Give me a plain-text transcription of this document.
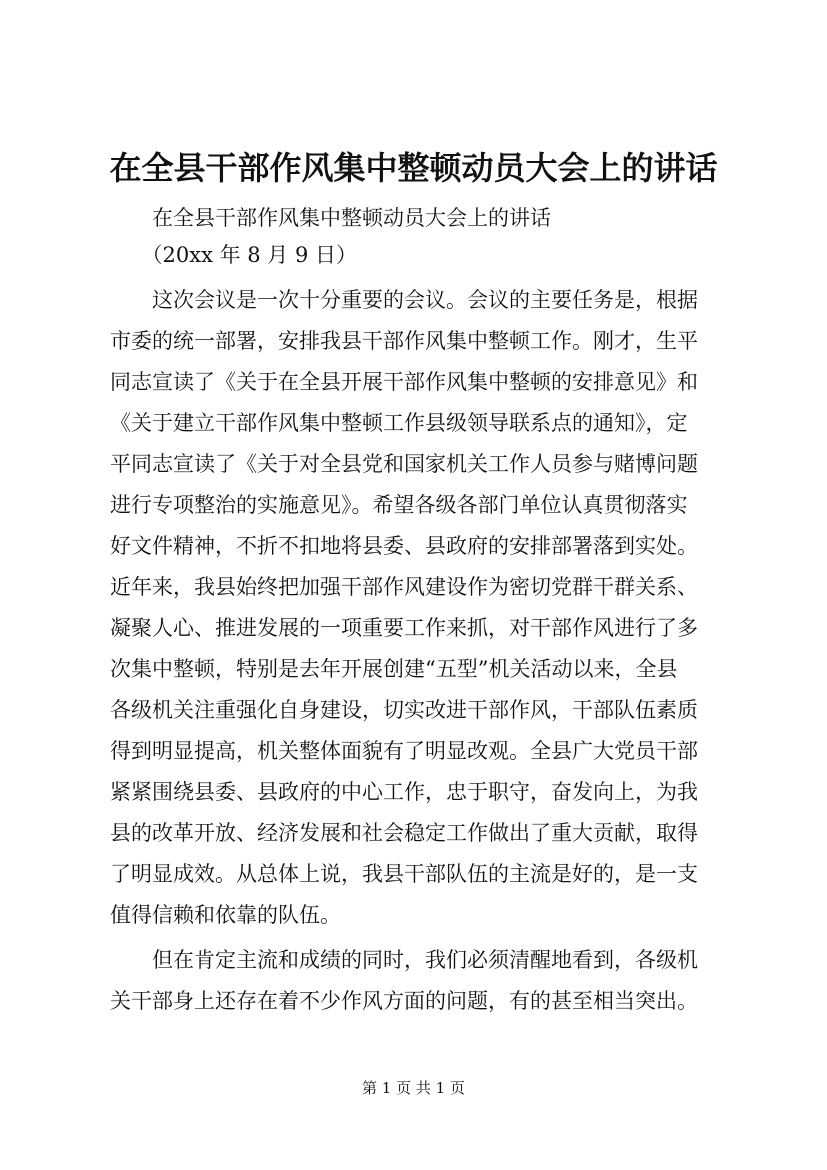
在全县干部作风集中整顿动员大会上的讲话
　　在全县干部作风集中整顿动员大会上的讲话
　　（20xx 年 8 月 9 日）
　　这次会议是一次十分重要的会议。会议的主要任务是，根据
市委的统一部署，安排我县干部作风集中整顿工作。刚才，生平
同志宣读了《关于在全县开展干部作风集中整顿的安排意见》和
《关于建立干部作风集中整顿工作县级领导联系点的通知》，定
平同志宣读了《关于对全县党和国家机关工作人员参与赌博问题
进行专项整治的实施意见》。希望各级各部门单位认真贯彻落实
好文件精神，不折不扣地将县委、县政府的安排部署落到实处。
近年来，我县始终把加强干部作风建设作为密切党群干群关系、
凝聚人心、推进发展的一项重要工作来抓，对干部作风进行了多
次集中整顿，特别是去年开展创建“五型”机关活动以来，全县
各级机关注重强化自身建设，切实改进干部作风，干部队伍素质
得到明显提高，机关整体面貌有了明显改观。全县广大党员干部
紧紧围绕县委、县政府的中心工作，忠于职守，奋发向上，为我
县的改革开放、经济发展和社会稳定工作做出了重大贡献，取得
了明显成效。从总体上说，我县干部队伍的主流是好的，是一支
值得信赖和依靠的队伍。
　　但在肯定主流和成绩的同时，我们必须清醒地看到，各级机
关干部身上还存在着不少作风方面的问题，有的甚至相当突出。
第 1 页 共 1 页
